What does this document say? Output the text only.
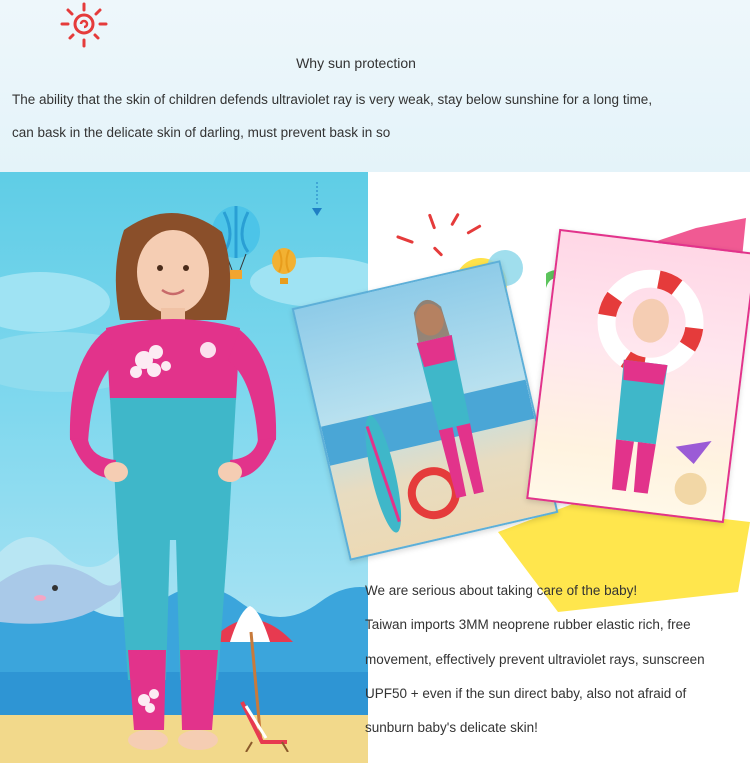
Why sun protection
The ability that the skin of children defends ultraviolet ray is very weak, stay below sunshine for a long time,
can bask in the delicate skin of darling, must prevent bask in so
We are serious about taking care of the baby!
Taiwan imports 3MM neoprene rubber elastic rich, free
movement, effectively prevent ultraviolet rays, sunscreen
UPF50 + even if the sun direct baby, also not afraid of
sunburn baby's delicate skin!
